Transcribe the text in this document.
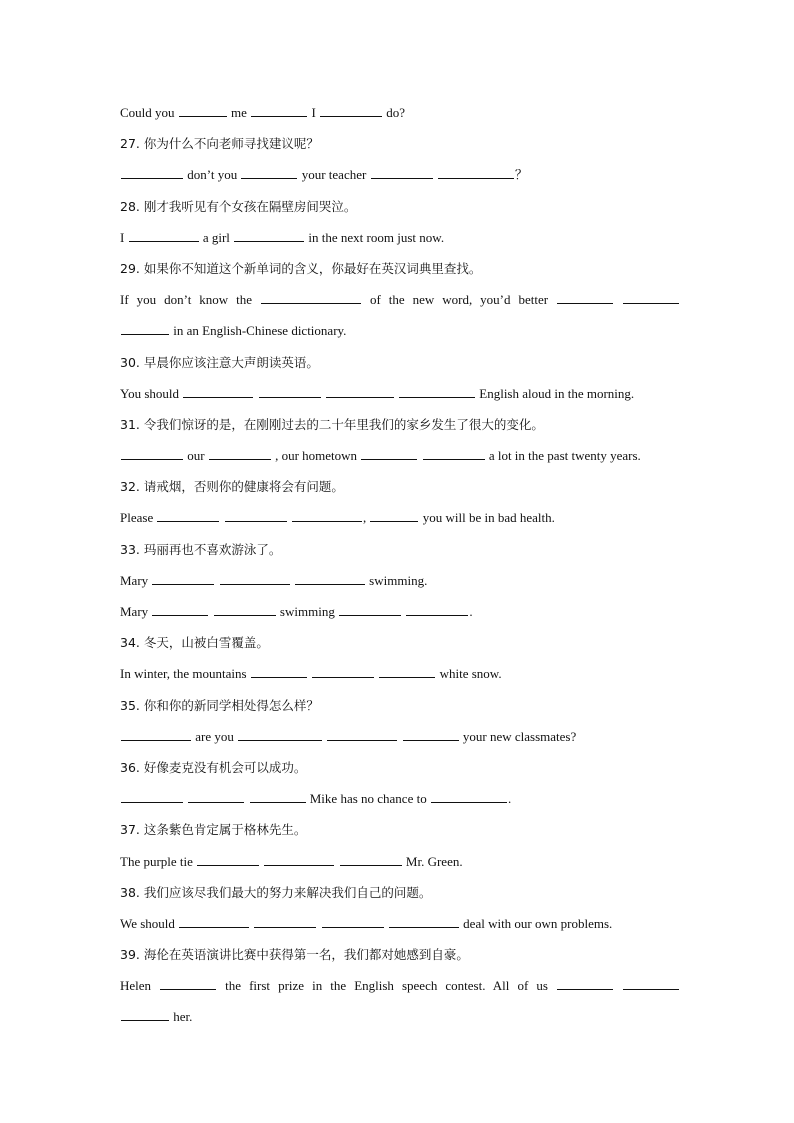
Could you	me	I	do?
27. 你为什么不向老师寻找建议呢？
don’t you	your teacher	？
28. 刚才我听见有个女孩在隔壁房间哭泣。
I	a girl	in the next room just now.
29. 如果你不知道这个新单词的含义，你最好在英汉词典里查找。
If you don’t know the	of the new word, you’d better
in an English-Chinese dictionary.
30. 早晨你应该注意大声朗读英语。
You should	English aloud in the morning.
31. 令我们惊讶的是，在刚刚过去的二十年里我们的家乡发生了很大的变化。
our	, our hometown	a lot in the past twenty years.
32. 请戒烟，否则你的健康将会有问题。
Please	,	you will be in bad health.
33. 玛丽再也不喜欢游泳了。
Mary	swimming.
Mary	swimming	.
34. 冬天，山被白雪覆盖。
In winter, the mountains	white snow.
35. 你和你的新同学相处得怎么样？
are you	your new classmates?
36. 好像麦克没有机会可以成功。
Mike has no chance to	.
37. 这条紫色肯定属于格林先生。
The purple tie	Mr. Green.
38. 我们应该尽我们最大的努力来解决我们自己的问题。
We should	deal with our own problems.
39. 海伦在英语演讲比赛中获得第一名，我们都对她感到自豪。
Helen	the first prize in the English speech contest. All of us
her.
